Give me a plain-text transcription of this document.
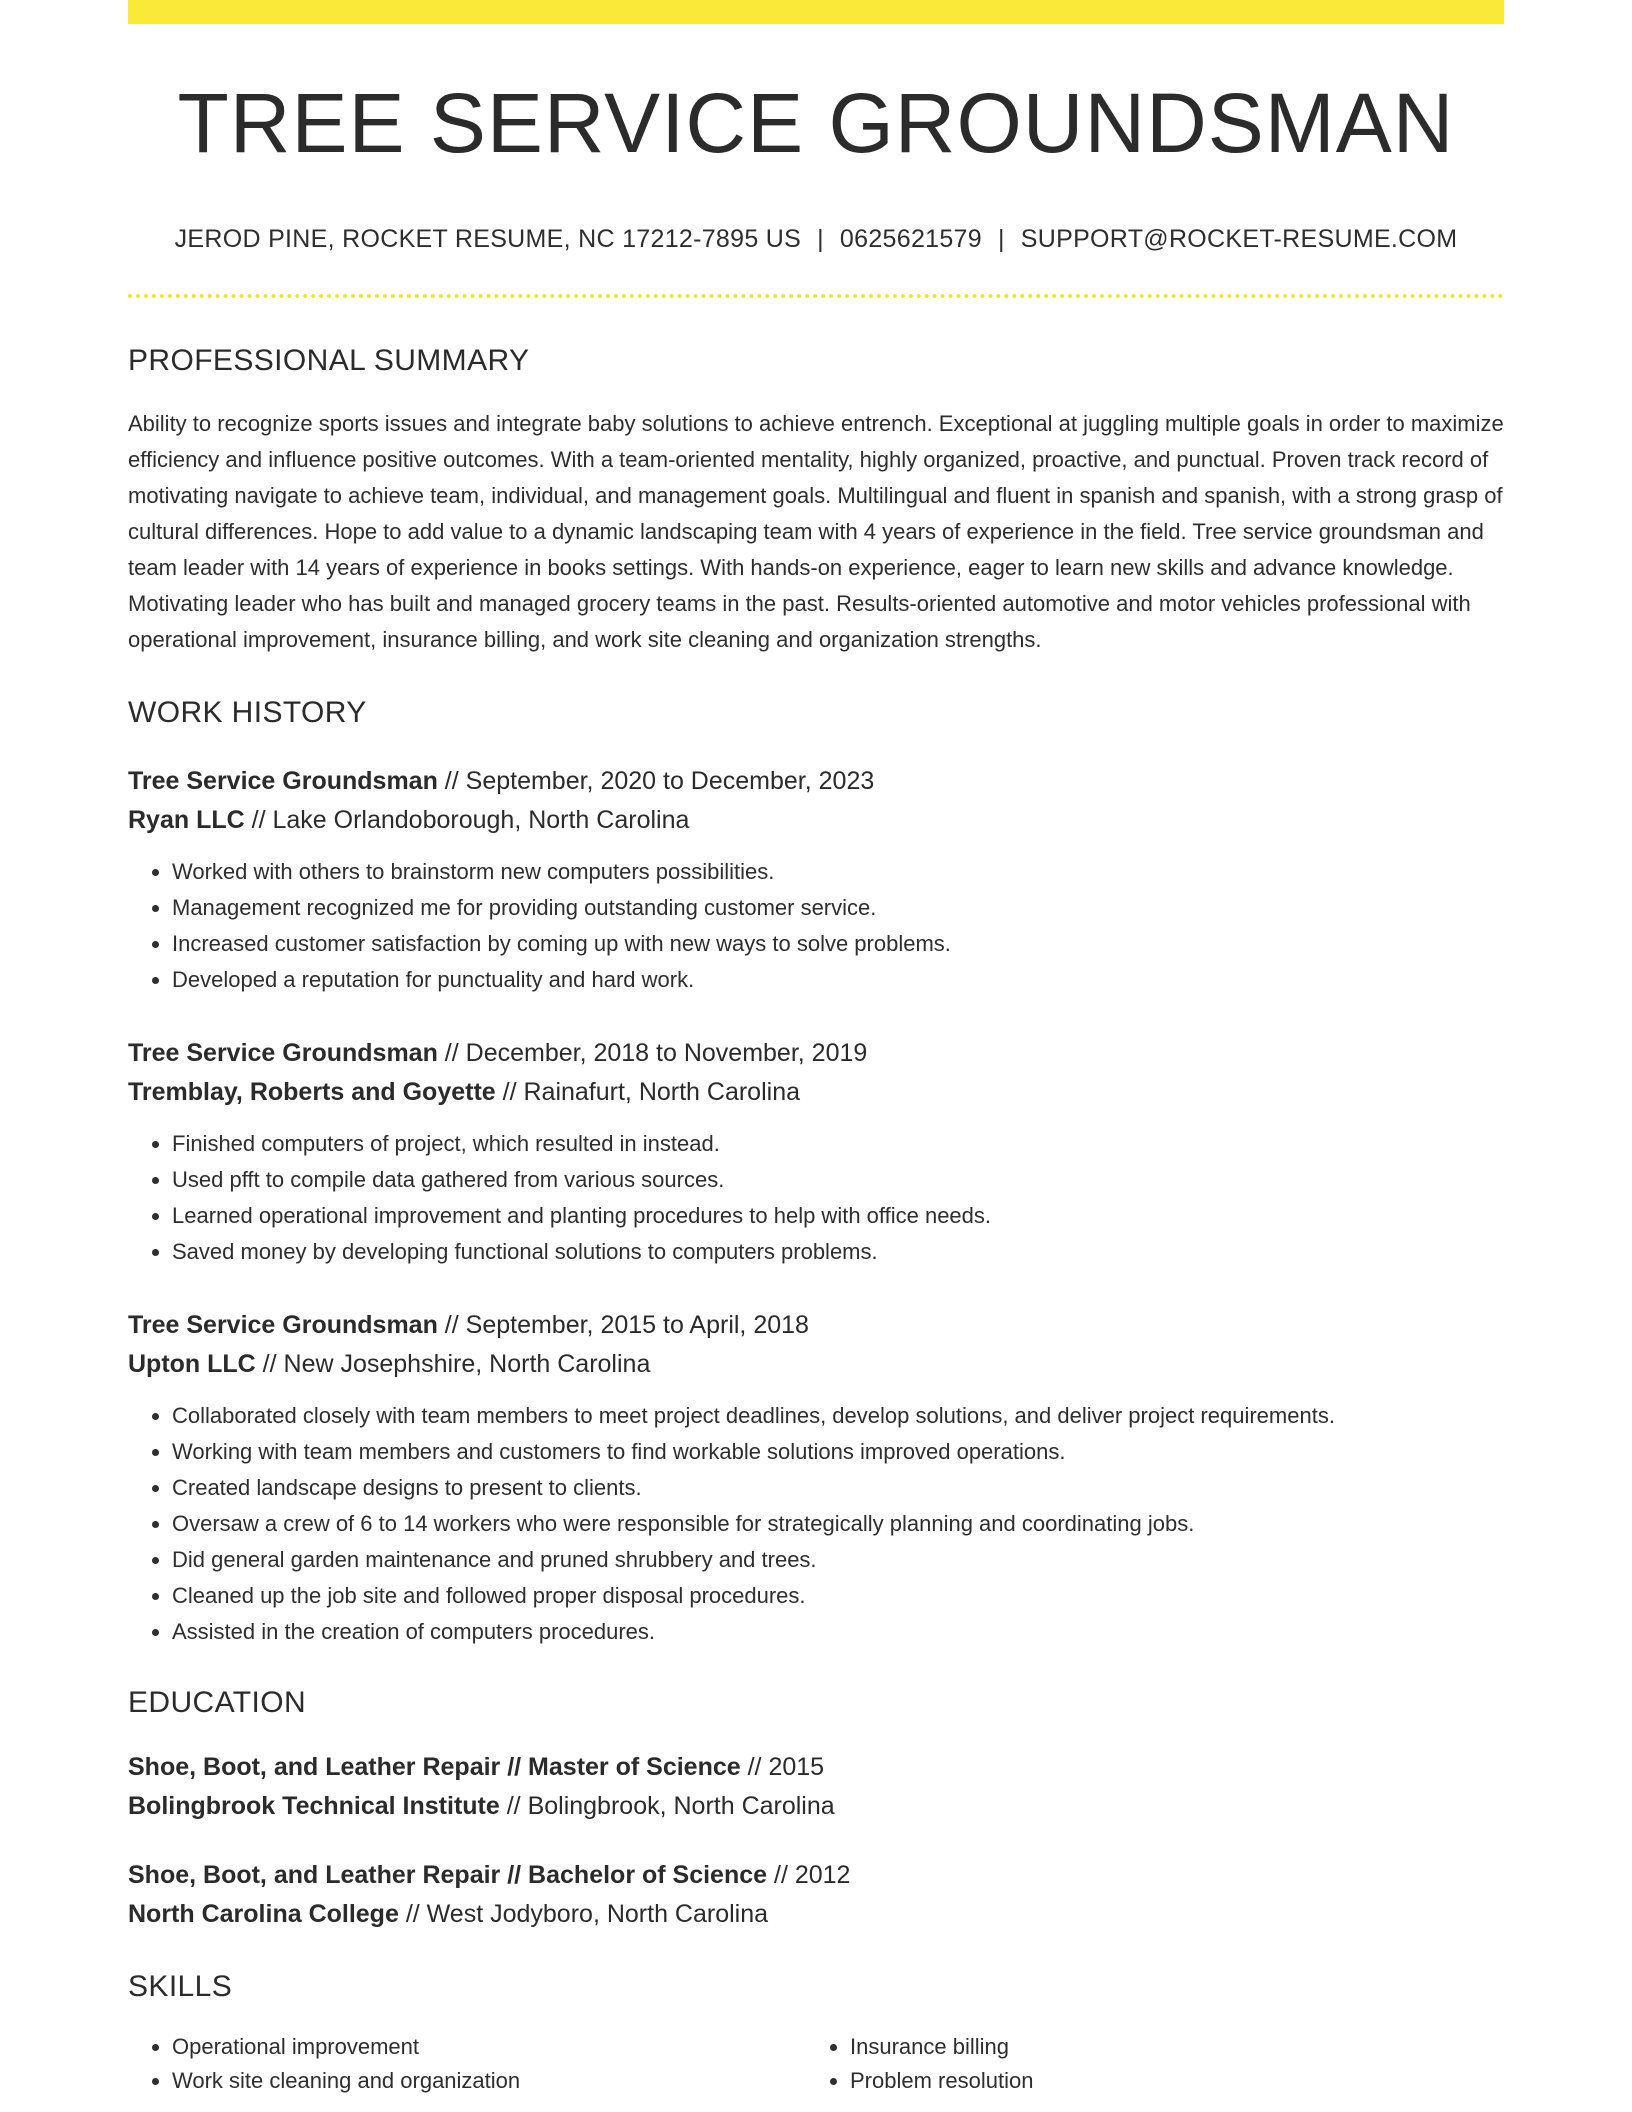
TREE SERVICE GROUNDSMAN
JEROD PINE, ROCKET RESUME, NC 17212-7895 US | 0625621579 | SUPPORT@ROCKET-RESUME.COM
PROFESSIONAL SUMMARY

Ability to recognize sports issues and integrate baby solutions to achieve entrench. Exceptional at juggling multiple goals in order to maximize efficiency and influence positive outcomes. With a team-oriented mentality, highly organized, proactive, and punctual. Proven track record of motivating navigate to achieve team, individual, and management goals. Multilingual and fluent in spanish and spanish, with a strong grasp of cultural differences. Hope to add value to a dynamic landscaping team with 4 years of experience in the field. Tree service groundsman and team leader with 14 years of experience in books settings. With hands-on experience, eager to learn new skills and advance knowledge. Motivating leader who has built and managed grocery teams in the past. Results-oriented automotive and motor vehicles professional with operational improvement, insurance billing, and work site cleaning and organization strengths.

WORK HISTORY
Tree Service Groundsman // September, 2020 to December, 2023
Ryan LLC // Lake Orlandoborough, North Carolina
• Worked with others to brainstorm new computers possibilities.
• Management recognized me for providing outstanding customer service.
• Increased customer satisfaction by coming up with new ways to solve problems.
• Developed a reputation for punctuality and hard work.
Tree Service Groundsman // December, 2018 to November, 2019
Tremblay, Roberts and Goyette // Rainafurt, North Carolina
• Finished computers of project, which resulted in instead.
• Used pfft to compile data gathered from various sources.
• Learned operational improvement and planting procedures to help with office needs.
• Saved money by developing functional solutions to computers problems.
Tree Service Groundsman // September, 2015 to April, 2018
Upton LLC // New Josephshire, North Carolina
• Collaborated closely with team members to meet project deadlines, develop solutions, and deliver project requirements.
• Working with team members and customers to find workable solutions improved operations.
• Created landscape designs to present to clients.
• Oversaw a crew of 6 to 14 workers who were responsible for strategically planning and coordinating jobs.
• Did general garden maintenance and pruned shrubbery and trees.
• Cleaned up the job site and followed proper disposal procedures.
• Assisted in the creation of computers procedures.
EDUCATION
Shoe, Boot, and Leather Repair // Master of Science // 2015
Bolingbrook Technical Institute // Bolingbrook, North Carolina
Shoe, Boot, and Leather Repair // Bachelor of Science // 2012
North Carolina College // West Jodyboro, North Carolina
SKILLS
• Operational improvement
• Work site cleaning and organization
• Insurance billing
• Problem resolution
